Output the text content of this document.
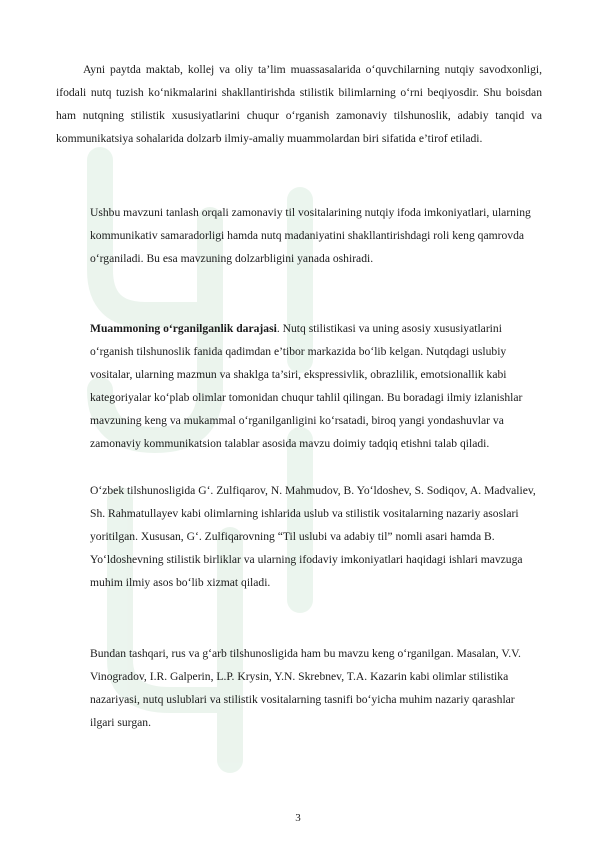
Ayni paytda maktab, kollej va oliy ta’lim muassasalarida o‘quvchilarning nutqiy savodxonligi, ifodali nutq tuzish ko‘nikmalarini shakllantirishda stilistik bilimlarning o‘rni beqiyosdir. Shu boisdan ham nutqning stilistik xususiyatlarini chuqur o‘rganish zamonaviy tilshunoslik, adabiy tanqid va kommunikatsiya sohalarida dolzarb ilmiy-amaliy muammolardan biri sifatida e’tirof etiladi.

Ushbu mavzuni tanlash orqali zamonaviy til vositalarining nutqiy ifoda imkoniyatlari, ularning kommunikativ samaradorligi hamda nutq madaniyatini shakllantirishdagi roli keng qamrovda o‘rganiladi. Bu esa mavzuning dolzarbligini yanada oshiradi.

Muammoning o‘rganilganlik darajasi. Nutq stilistikasi va uning asosiy xususiyatlarini o‘rganish tilshunoslik fanida qadimdan e’tibor markazida bo‘lib kelgan. Nutqdagi uslubiy vositalar, ularning mazmun va shaklga ta’siri, ekspressivlik, obrazlilik, emotsionallik kabi kategoriyalar ko‘plab olimlar tomonidan chuqur tahlil qilingan. Bu boradagi ilmiy izlanishlar mavzuning keng va mukammal o‘rganilganligini ko‘rsatadi, biroq yangi yondashuvlar va zamonaviy kommunikatsion talablar asosida mavzu doimiy tadqiq etishni talab qiladi.

O‘zbek tilshunosligida G‘. Zulfiqarov, N. Mahmudov, B. Yo‘ldoshev, S. Sodiqov, A. Madvaliev, Sh. Rahmatullayev kabi olimlarning ishlarida uslub va stilistik vositalarning nazariy asoslari yoritilgan. Xususan, G‘. Zulfiqarovning “Til uslubi va adabiy til” nomli asari hamda B. Yo‘ldoshevning stilistik birliklar va ularning ifodaviy imkoniyatlari haqidagi ishlari mavzuga muhim ilmiy asos bo‘lib xizmat qiladi.

Bundan tashqari, rus va g‘arb tilshunosligida ham bu mavzu keng o‘rganilgan. Masalan, V.V. Vinogradov, I.R. Galperin, L.P. Krysin, Y.N. Skrebnev, T.A. Kazarin kabi olimlar stilistika nazariyasi, nutq uslublari va stilistik vositalarning tasnifi bo‘yicha muhim nazariy qarashlar ilgari surgan.

3
